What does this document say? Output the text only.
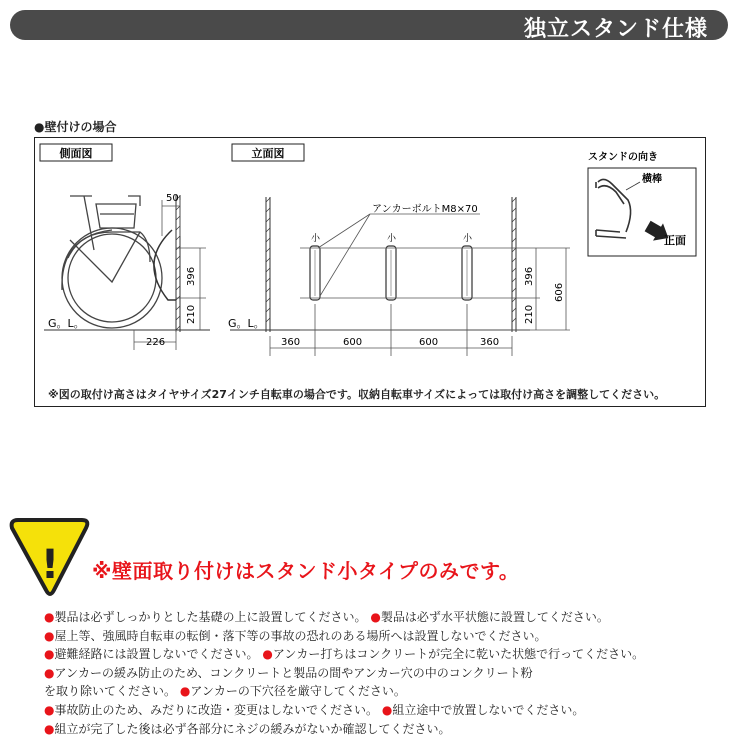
独立スタンド仕様
●壁付けの場合
側面図	立面図
50
396
210
226
G。L。
小	小	小
アンカーボルトM8×70
396
210
606
360	600	600	360
G。L。
スタンドの向き
横棒
正面
!
※図の取付け高さはタイヤサイズ27インチ自転車の場合です。収納自転車サイズによっては取付け高さを調整してください。
※壁面取り付けはスタンド小タイプのみです。
●製品は必ずしっかりとした基礎の上に設置してください。 ●製品は必ず水平状態に設置してください。
●屋上等、強風時自転車の転倒・落下等の事故の恐れのある場所へは設置しないでください。
●避難経路には設置しないでください。 ●アンカー打ちはコンクリートが完全に乾いた状態で行ってください。
●アンカーの緩み防止のため、コンクリートと製品の間やアンカー穴の中のコンクリート粉
を取り除いてください。 ●アンカーの下穴径を厳守してください。
●事故防止のため、みだりに改造・変更はしないでください。 ●組立途中で放置しないでください。
●組立が完了した後は必ず各部分にネジの緩みがないか確認してください。
